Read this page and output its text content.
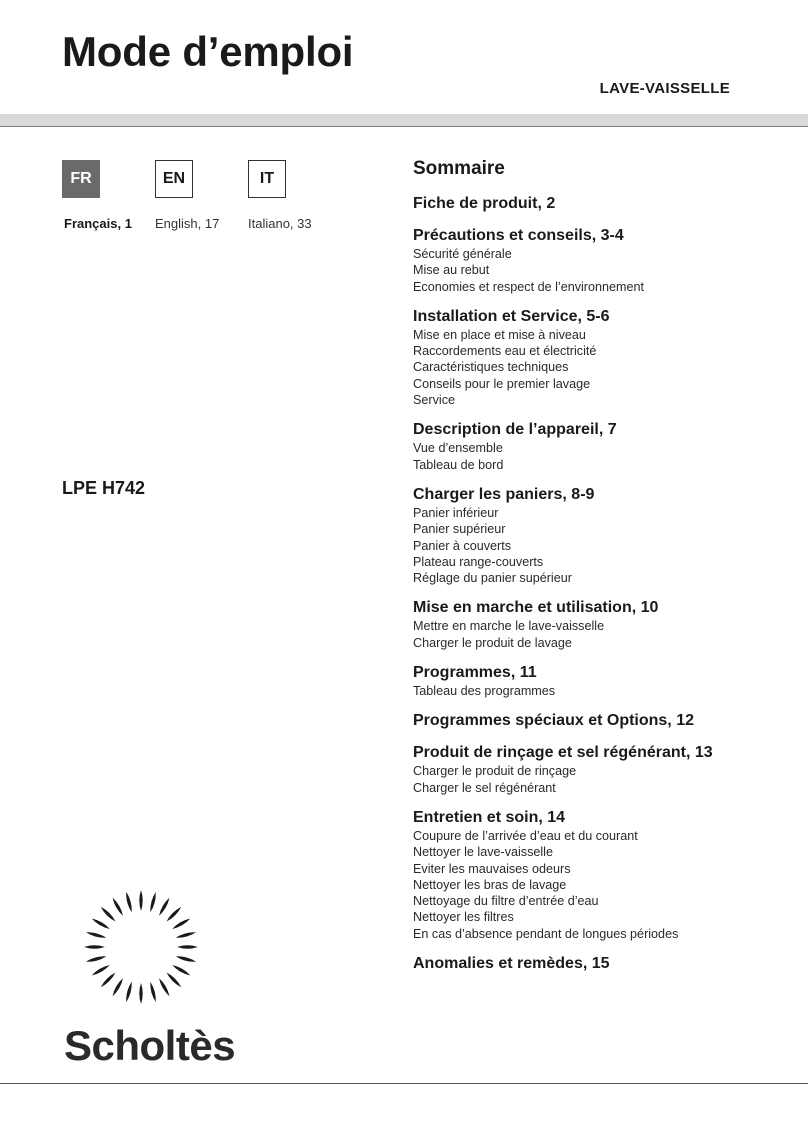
Mode d’emploi
LAVE-VAISSELLE
FR	EN	IT
Français, 1 English, 17 Italiano, 33
LPE H742
Sommaire
Fiche de produit, 2
Précautions et conseils, 3-4
Sécurité générale
Mise au rebut
Economies et respect de l’environnement
Installation et Service, 5-6
Mise en place et mise à niveau
Raccordements eau et électricité
Caractéristiques techniques
Conseils pour le premier lavage
Service
Description de l’appareil, 7
Vue d’ensemble
Tableau de bord
Charger les paniers, 8-9
Panier inférieur
Panier supérieur
Panier à couverts
Plateau range-couverts
Réglage du panier supérieur
Mise en marche et utilisation, 10
Mettre en marche le lave-vaisselle
Charger le produit de lavage
Programmes, 11
Tableau des programmes
Programmes spéciaux et Options, 12
Produit de rinçage et sel régénérant, 13
Charger le produit de rinçage
Charger le sel régénérant
Entretien et soin, 14
Coupure de l’arrivée d’eau et du courant
Nettoyer le lave-vaisselle
Eviter les mauvaises odeurs
Nettoyer les bras de lavage
Nettoyage du filtre d’entrée d’eau
Nettoyer les filtres
En cas d’absence pendant de longues périodes
Anomalies et remèdes, 15
Scholtès
